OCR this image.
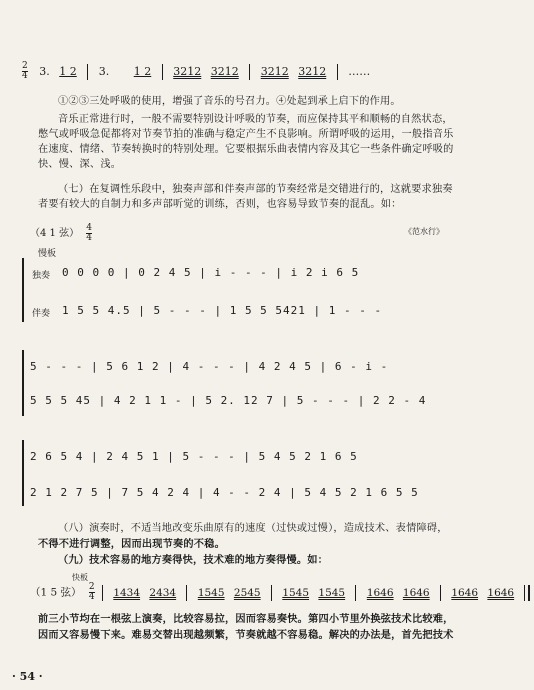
$\frac{2}{4} 3$. 1 2 3. 1 2 3212 3212 3212 3212 ……
①②③三处呼吸的使用，增强了音乐的号召力。④处起到承上启下的作用。
音乐正常进行时，一般不需要特别设计呼吸的节奏，而应保持其平和顺畅的自然状态，
憋气或呼吸急促都将对节奏节拍的准确与稳定产生不良影响。所谓呼吸的运用，一般指音乐
在速度、情绪、节奏转换时的特别处理。它要根据乐曲表情内容及其它一些条件确定呼吸的
快、慢、深、浅。
（七）在复调性乐段中，独奏声部和伴奏声部的节奏经常是交错进行的，这就要求独奏
者要有较大的自制力和多声部听觉的训练，否则，也容易导致节奏的混乱。如：
（4 1 弦） $\frac{4}{4}$	《范水行》
慢板
独奏
伴奏
0 0 0 0 | 0 2 4 5 | i - - - | i 2 i 6 5
1 5 5 4.5 | 5 - - - | 1 5 5 5421 | 1 - - -
5 - - - | 5 6 1 2 | 4 - - - | 4 2 4 5 | 6 - i -
5 5 5 45 | 4 2 1 1 - | 5 2. 12 7 | 5 - - - | 2 2 - 4
2 6 5 4 | 2 4 5 1 | 5 - - - | 5 4 5 2 1 6 5
2 1 2 7 5 | 7 5 4 2 4 | 4 - - 2 4 | 5 4 5 2 1 6 5 5
（八）演奏时，不适当地改变乐曲原有的速度（过快或过慢），造成技术、表情障碍，
不得不进行调整，因而出现节奏的不稳。
（九）技术容易的地方奏得快，技术难的地方奏得慢。如：
快板
（1 5 弦） $\frac{2}{4} 1434$ 2434 1545 2545 1545 1545 1646 1646 1646 1646
前三小节均在一根弦上演奏，比较容易拉，因而容易奏快。第四小节里外换弦技术比较难，
因而又容易慢下来。难易交替出现越频繁，节奏就越不容易稳。解决的办法是，首先把技术
· 54 ·
